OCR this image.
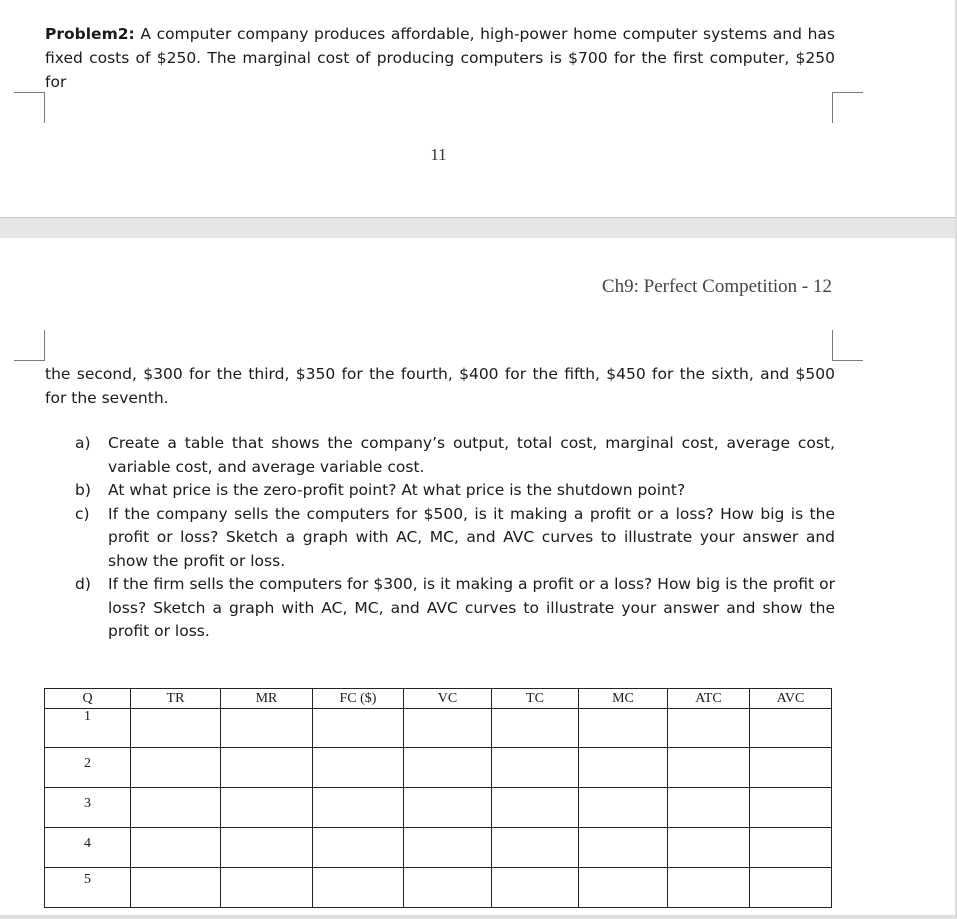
Problem2: A computer company produces affordable, high-power home computer systems and has fixed costs of $250. The marginal cost of producing computers is $700 for the first computer, $250 for
11
Ch9: Perfect Competition - 12
the second, $300 for the third, $350 for the fourth, $400 for the fifth, $450 for the sixth, and $500 for the seventh.
a)	Create a table that shows the company’s output, total cost, marginal cost, average cost, variable cost, and average variable cost.
b)	At what price is the zero-profit point? At what price is the shutdown point?
c)	If the company sells the computers for $500, is it making a profit or a loss? How big is the profit or loss? Sketch a graph with AC, MC, and AVC curves to illustrate your answer and show the profit or loss.
d)	If the firm sells the computers for $300, is it making a profit or a loss? How big is the profit or loss? Sketch a graph with AC, MC, and AVC curves to illustrate your answer and show the profit or loss.
Q	TR	MR	FC ($)	VC	TC	MC	ATC	AVC
1								
2								
3								
4								
5								
